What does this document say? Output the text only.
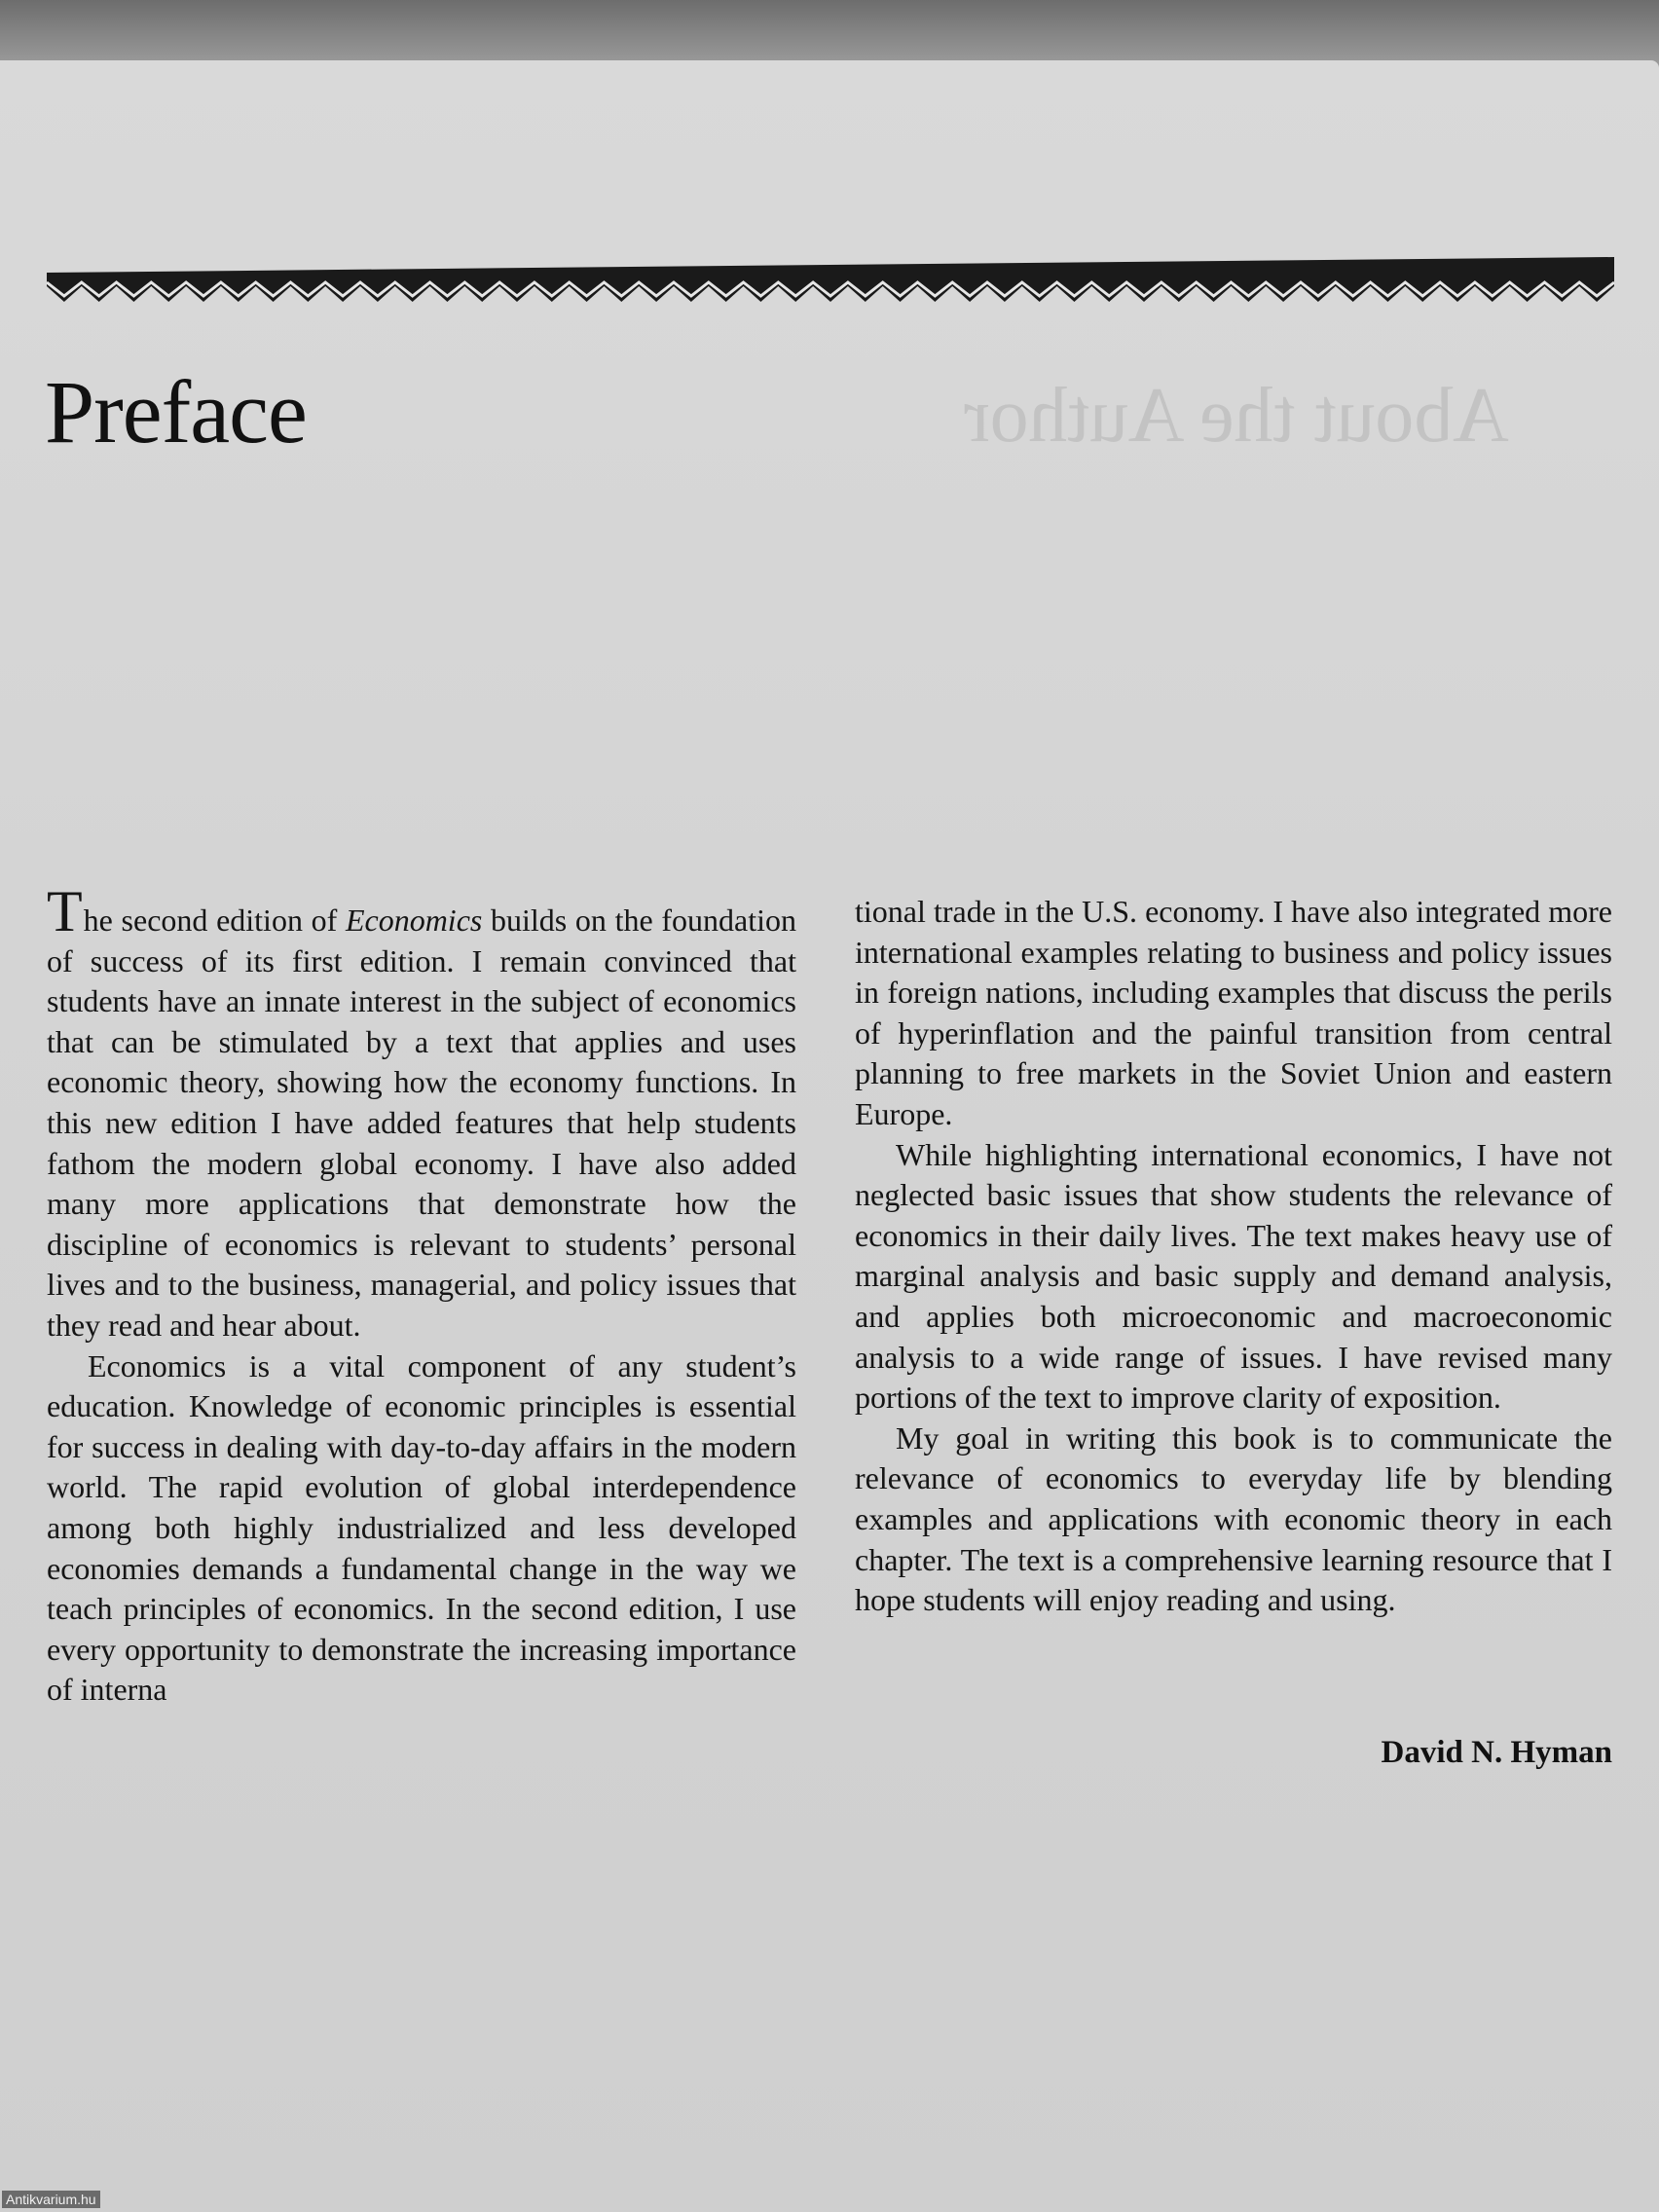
Preface	About the Author

The second edition of Economics builds on the foundation of success of its first edition. I remain convinced that students have an innate interest in the subject of economics that can be stimulated by a text that applies and uses economic theory, showing how the economy functions. In this new edition I have added features that help students fathom the modern global economy. I have also added many more applications that demonstrate how the discipline of economics is relevant to students’ personal lives and to the business, managerial, and policy issues that they read and hear about.

Economics is a vital component of any student’s education. Knowledge of economic principles is essential for success in dealing with day-to-day affairs in the modern world. The rapid evolution of global interdependence among both highly industrialized and less developed economies demands a fundamental change in the way we teach principles of economics. In the second edition, I use every opportunity to demonstrate the increasing importance of interna

tional trade in the U.S. economy. I have also integrated more international examples relating to business and policy issues in foreign nations, including examples that discuss the perils of hyperinflation and the painful transition from central planning to free markets in the Soviet Union and eastern Europe.

While highlighting international economics, I have not neglected basic issues that show students the relevance of economics in their daily lives. The text makes heavy use of marginal analysis and basic supply and demand analysis, and applies both microeconomic and macroeconomic analysis to a wide range of issues. I have revised many portions of the text to improve clarity of exposition.

My goal in writing this book is to communicate the relevance of economics to everyday life by blending examples and applications with economic theory in each chapter. The text is a comprehensive learning resource that I hope students will enjoy reading and using.

David N. Hyman

Antikvarium.hu
